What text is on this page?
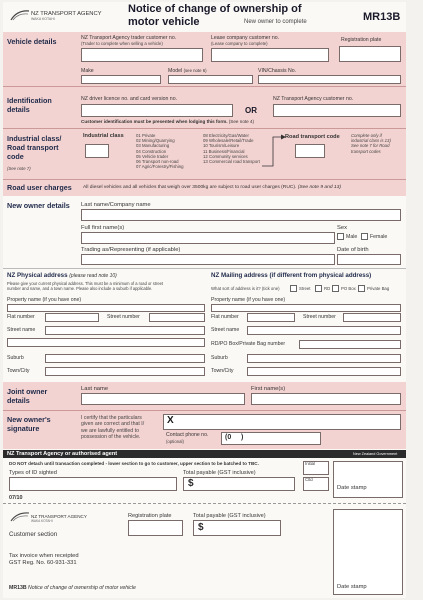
NZ TRANSPORT AGENCY
WAKA KOTAHI
Notice of change of ownership of
motor vehicle	New owner to complete	MR13B
Vehicle details	NZ Transport Agency trader customer no.
(Trader to complete when selling a vehicle)
Lease company customer no.
(Lease company to complete)
Registration plate
Make	Model (see note 6)	VIN/Chassis No.
Identification
details
NZ driver licence no. and card version no.
OR
NZ Transport Agency customer no.
Customer identification must be presented when lodging this form. (See note 4)
Industrial class/
Road transport
code
(See note 7)
Industrial class	01 Private
02 Mining/Quarrying
03 Manufacturing
04 Construction
05 Vehicle trader
06 Transport non-road
07 Agric/Forestry/Fishing
08 Electricity/Gas/Water
09 Wholesale/Retail/Trade
10 Tourism/Leisure
11 Business/Financial
12 Community services
13 Commercial road transport
Road transport code	Complete only if
industrial class is 13)
See note 7 for Road
transport codes
Road user charges All diesel vehicles and all vehicles that weigh over 3500kg are subject to road user charges (RUC). (See note 9 and 13)
New owner details Last name/Company name
Full first name(s)	Sex
Male Female
Trading as/Representing (if applicable)	Date of birth
NZ Physical address (please read note 10)
Please give your current physical address. This must be a minimum of a road or street
number and name, and a town name. Please also include a suburb if applicable.
Property name (if you have one)
Flat number	Street number
Street name
Suburb
Town/City
NZ Mailing address (if different from physical address)
What sort of address is it? (tick one)	Street	RD	PO Box	Private Bag
Property name (if you have one)
Flat number	Street number
Street name
RD/PO Box/Private Bag number
Suburb
Town/City
Joint owner
details
Last name	First name(s)
New owner's
signature
I certify that the particulars
given are correct and that I/
we are lawfully entitled to
possession of the vehicle.
X
Contact phone no.
(optional)
(0     )
NZ Transport Agency or authorised agent	New Zealand Government
DO NOT detach until transaction completed - lower section to go to customer, upper section to be batched to TBC.
Types of ID sighted	Total payable (GST inclusive)
$
Initial
Cltd
Date stamp
07/10
NZ TRANSPORT AGENCY
WAKA KOTAHI
Customer section
Registration plate	Total payable (GST inclusive)
$
Date stamp
Tax invoice when receipted
GST Reg. No. 60-931-331
MR13B Notice of change of ownership of motor vehicle
